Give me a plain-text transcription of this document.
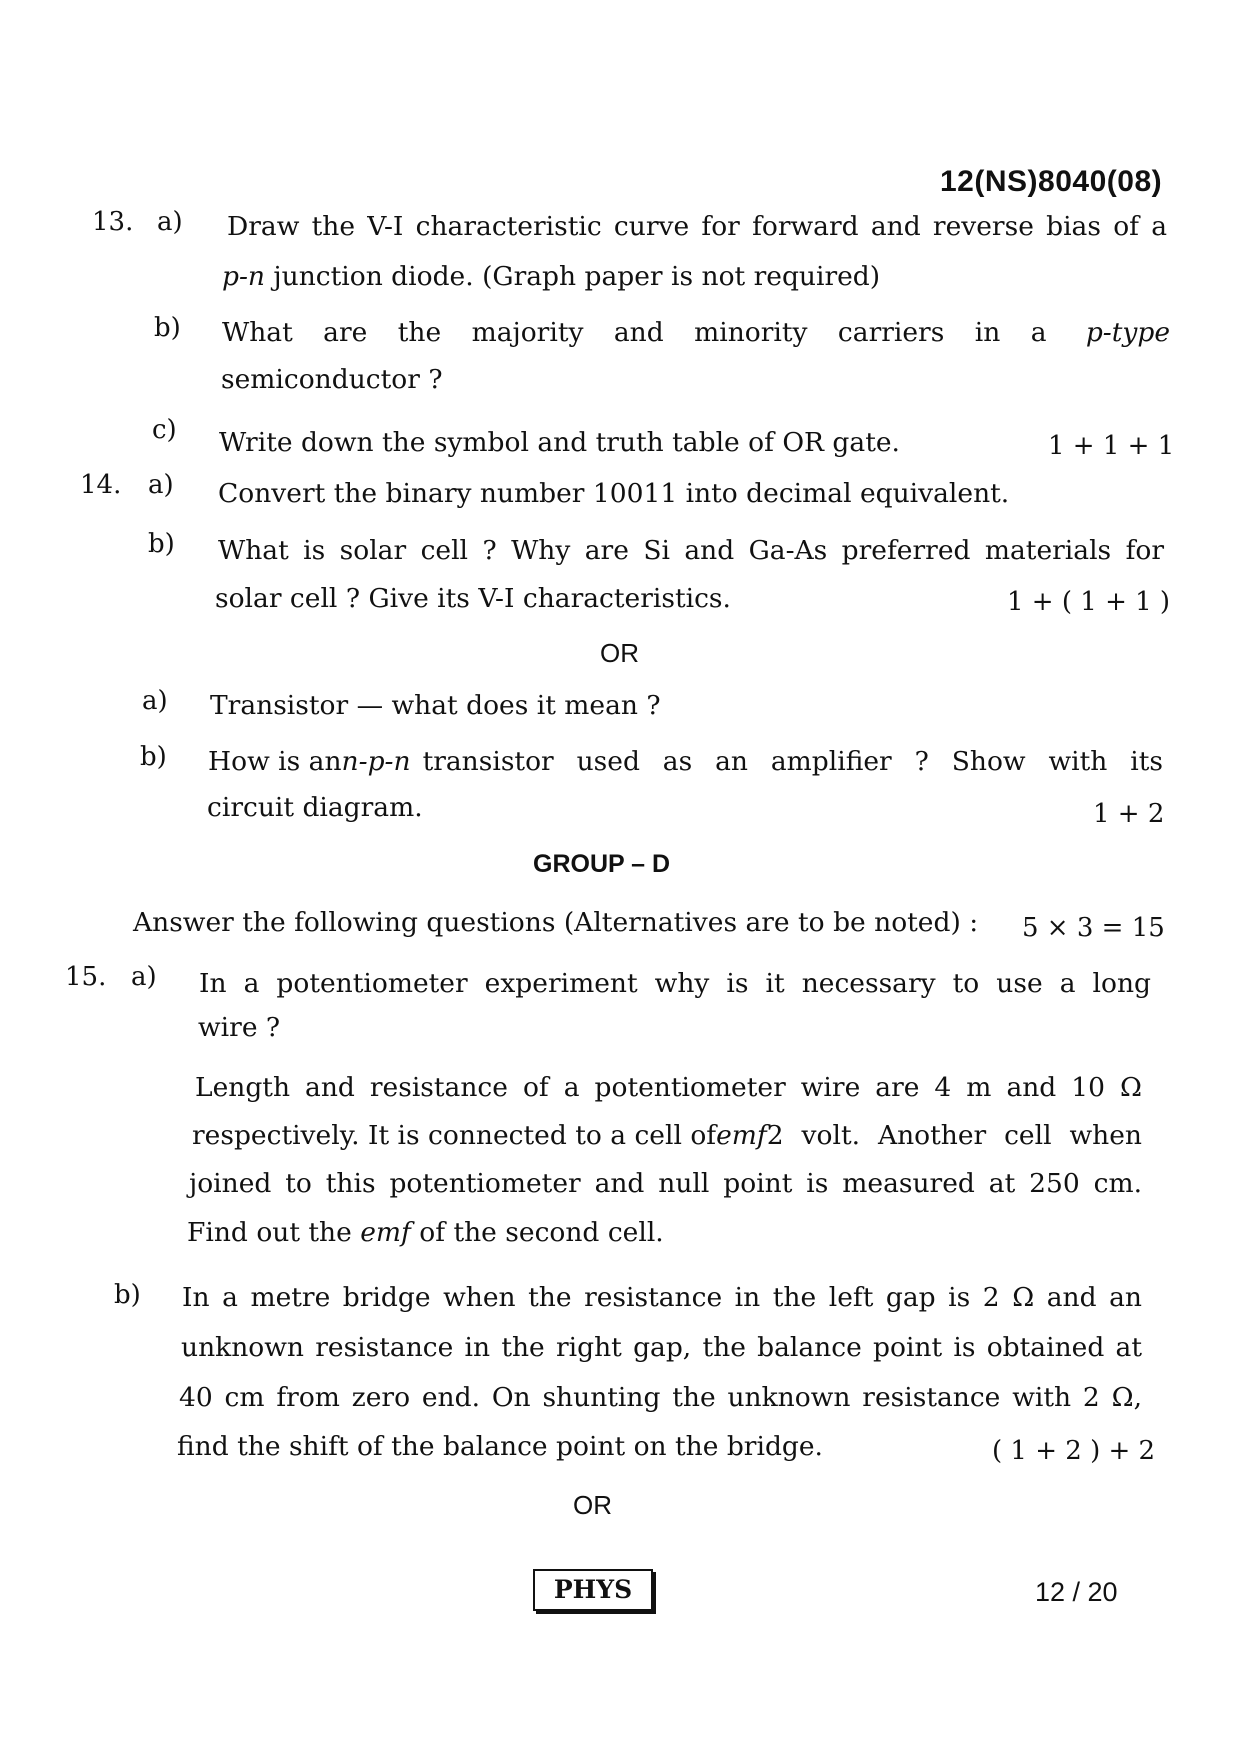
12(NS)8040(08)
13. a) Draw the V-I characteristic curve for forward and reverse bias of a
p-n junction diode. (Graph paper is not required)
b) What are the majority and minority carriers in a p-type
semiconductor ?
c) Write down the symbol and truth table of OR gate.	1 + 1 + 1
14. a) Convert the binary number 10011 into decimal equivalent.
b) What is solar cell ? Why are Si and Ga-As preferred materials for
solar cell ? Give its V-I characteristics.	1 + ( 1 + 1 )
OR
a) Transistor — what does it mean ?
b) How is an n-p-n transistor used as an amplifier ? Show with its
circuit diagram.	1 + 2
GROUP – D
Answer the following questions (Alternatives are to be noted) : 5 × 3 = 15
15. a) In a potentiometer experiment why is it necessary to use a long
wire ?
Length and resistance of a potentiometer wire are 4 m and 10 Ω
respectively. It is connected to a cell of emf 2 volt. Another cell when
joined to this potentiometer and null point is measured at 250 cm.
Find out the emf of the second cell.
b) In a metre bridge when the resistance in the left gap is 2 Ω and an
unknown resistance in the right gap, the balance point is obtained at
40 cm from zero end. On shunting the unknown resistance with 2 Ω,
find the shift of the balance point on the bridge.	( 1 + 2 ) + 2
OR
PHYS	12 / 20
